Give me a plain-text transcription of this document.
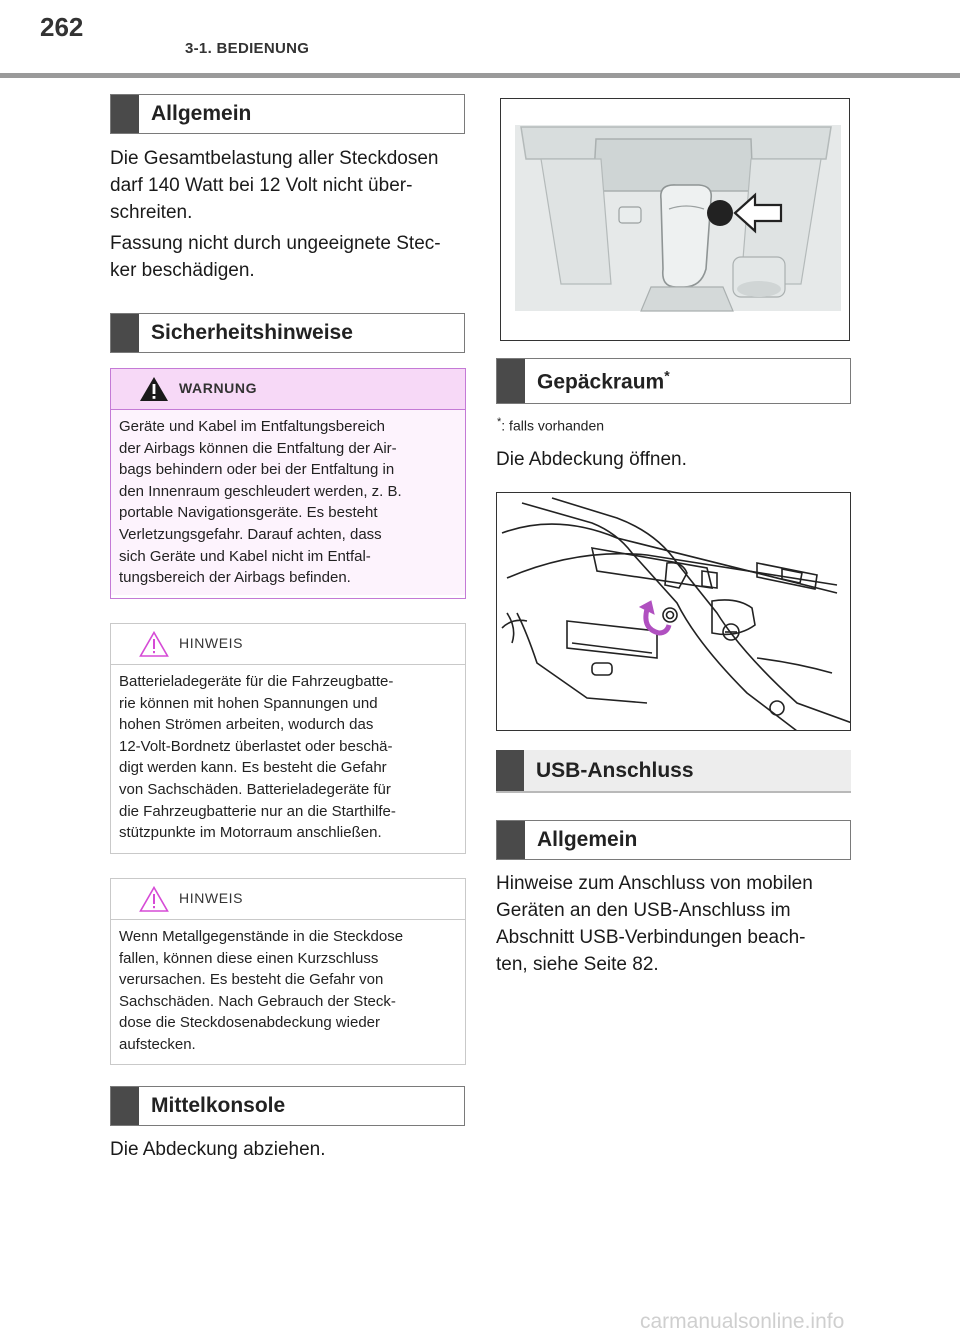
262
3-1. BEDIENUNG
Allgemein
Die Gesamtbelastung aller Steckdosen
darf 140 Watt bei 12 Volt nicht über-
schreiten.
Fassung nicht durch ungeeignete Stec-
ker beschädigen.
Sicherheitshinweise
WARNUNG
Geräte und Kabel im Entfaltungsbereich
der Airbags können die Entfaltung der Air-
bags behindern oder bei der Entfaltung in
den Innenraum geschleudert werden, z. B.
portable Navigationsgeräte. Es besteht
Verletzungsgefahr. Darauf achten, dass
sich Geräte und Kabel nicht im Entfal-
tungsbereich der Airbags befinden.
HINWEIS
Batterieladegeräte für die Fahrzeugbatte-
rie können mit hohen Spannungen und
hohen Strömen arbeiten, wodurch das
12-Volt-Bordnetz überlastet oder beschä-
digt werden kann. Es besteht die Gefahr
von Sachschäden. Batterieladegeräte für
die Fahrzeugbatterie nur an die Starthilfe-
stützpunkte im Motorraum anschließen.
HINWEIS
Wenn Metallgegenstände in die Steckdose
fallen, können diese einen Kurzschluss
verursachen. Es besteht die Gefahr von
Sachschäden. Nach Gebrauch der Steck-
dose die Steckdosenabdeckung wieder
aufstecken.
Mittelkonsole
Die Abdeckung abziehen.
Gepäckraum*
*: falls vorhanden
Die Abdeckung öffnen.
USB-Anschluss
Allgemein
Hinweise zum Anschluss von mobilen
Geräten an den USB-Anschluss im
Abschnitt USB-Verbindungen beach-
ten, siehe Seite 82.
carmanualsonline.info
